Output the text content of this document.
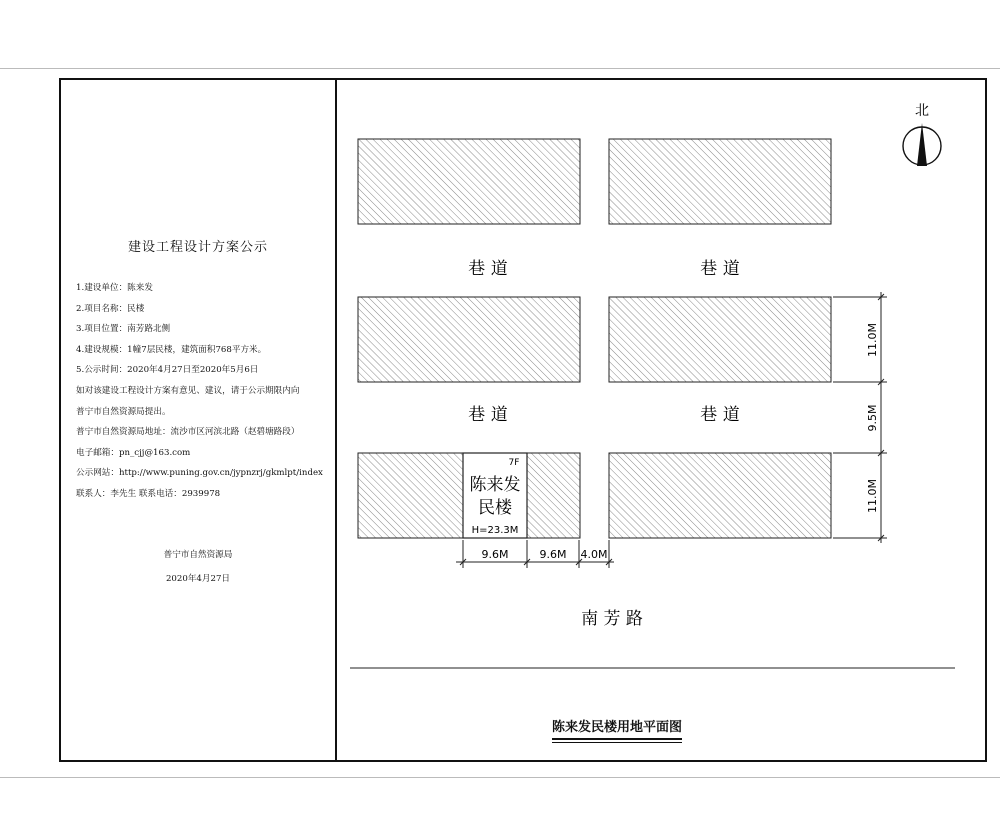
建设工程设计方案公示
1.建设单位：陈来发
2.项目名称：民楼
3.项目位置：南芳路北侧
4.建设规模：1幢7层民楼，建筑面积768平方米。
5.公示时间：2020年4月27日至2020年5月6日
如对该建设工程设计方案有意见、建议，请于公示期限内向
普宁市自然资源局提出。
普宁市自然资源局地址：流沙市区河滨北路（赵碧塘路段）
电子邮箱：pn_cjj@163.com
公示网站：http://www.puning.gov.cn/jypnzrj/gkmlpt/index
联系人：李先生 联系电话：2939978
普宁市自然资源局
2020年4月27日
北
7F
陈来发
民楼
H=23.3M
巷 道	巷 道
巷 道	巷 道
9.6M	9.6M 4.0M
11.0M
9.5M
11.0M
南 芳 路
陈来发民楼用地平面图
